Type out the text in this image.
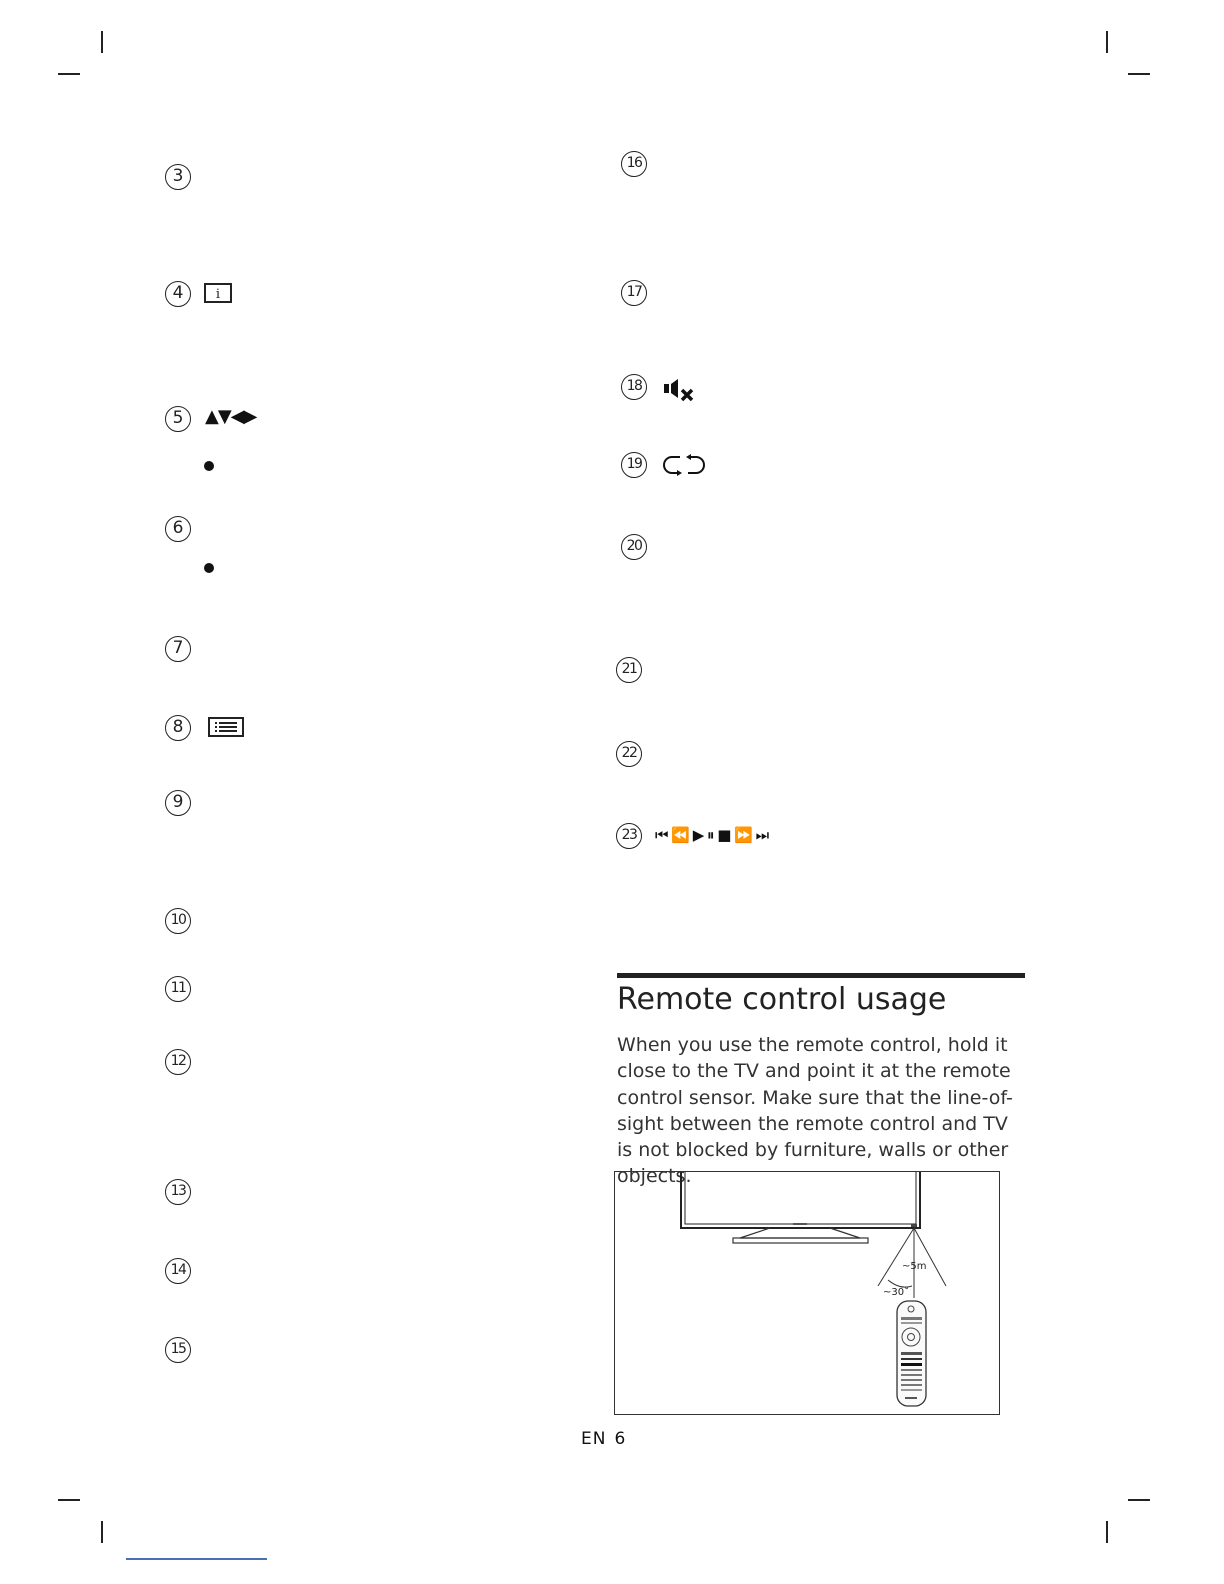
3
4	i
5	▲▼◀▶
6
7
8
9
10
11
12
13
14
15
16
17
18
19
20
21
22
23	⏮ ⏪ ▶ ⏸ ■ ⏩ ⏭
Remote control usage

When you use the remote control, hold it close to the TV and point it at the remote control sensor. Make sure that the line-of-sight between the remote control and TV is not blocked by furniture, walls or other objects.

~5m
~30˚
EN 6
